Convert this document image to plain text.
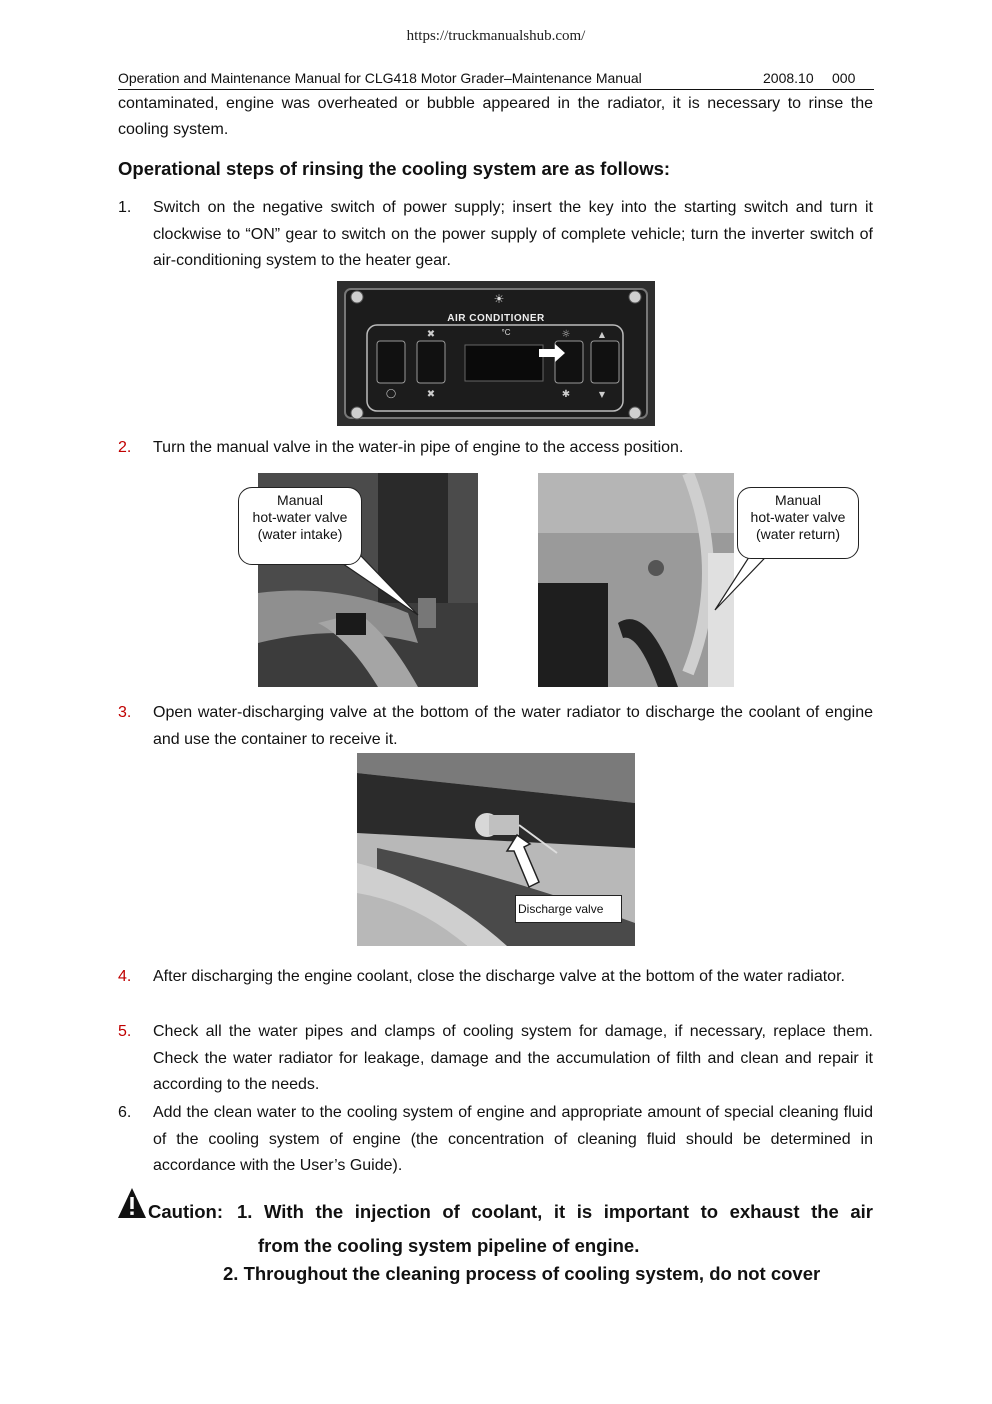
https://truckmanualshub.com/
Operation and Maintenance Manual for CLG418 Motor Grader–Maintenance Manual	2008.10 000
contaminated, engine was overheated or bubble appeared in the radiator, it is necessary to rinse the cooling system.
Operational steps of rinsing the cooling system are as follows:
1. Switch on the negative switch of power supply; insert the key into the starting switch and turn it clockwise to “ON” gear to switch on the power supply of complete vehicle; turn the inverter switch of air-conditioning system to the heater gear.
☀
◯	✖	✱	▼
▲
☼
✖
AIR CONDITIONER
°C
2. Turn the manual valve in the water-in pipe of engine to the access position.
Manual
hot-water valve
(water intake)
Manual
hot-water valve
(water return)
3. Open water-discharging valve at the bottom of the water radiator to discharge the coolant of engine and use the container to receive it.
Discharge valve
4. After discharging the engine coolant, close the discharge valve at the bottom of the water radiator.
5. Check all the water pipes and clamps of cooling system for damage, if necessary, replace them. Check the water radiator for leakage, damage and the accumulation of filth and clean and repair it according to the needs.
6. Add the clean water to the cooling system of engine and appropriate amount of special cleaning fluid of the cooling system of engine (the concentration of cleaning fluid should be determined in accordance with the User’s Guide).
Caution: 1. With the injection of coolant, it is important to exhaust the air
from the cooling system pipeline of engine.
2. Throughout the cleaning process of cooling system, do not cover
